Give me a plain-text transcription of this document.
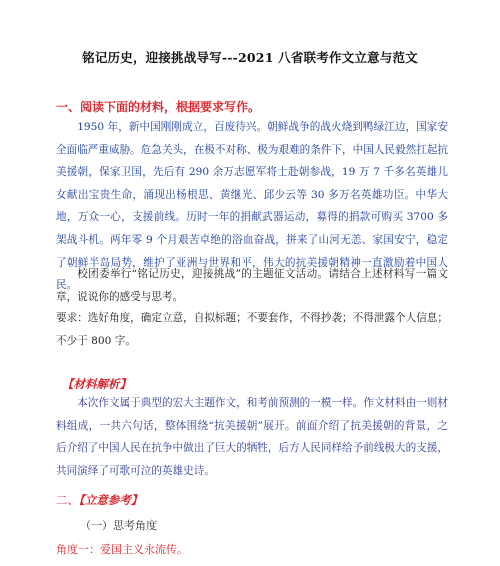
铭记历史，迎接挑战导写---2021 八省联考作文立意与范文
一、阅读下面的材料，根据要求写作。
1950 年，新中国刚刚成立，百废待兴。朝鲜战争的战火烧到鸭绿江边，国家安全面临严重威胁。危急关头，在极不对称、极为艰难的条件下，中国人民毅然扛起抗美援朝，保家卫国，先后有 290 余万志愿军将士赴朝参战，19 万 7 千多名英雄儿女献出宝贵生命，涌现出杨根思、黄继光、邱少云等 30 多万名英雄功臣。中华大地，万众一心，支援前线。历时一年的捐献武器运动，募得的捐款可购买 3700 多架战斗机。两年零 9 个月艰苦卓绝的浴血奋战，拼来了山河无恙、家国安宁，稳定了朝鲜半岛局势，维护了亚洲与世界和平，伟大的抗美援朝精神一直激励着中国人民。
校团委举行“铭记历史，迎接挑战”的主题征文活动。请结合上述材料写一篇文章，说说你的感受与思考。
要求：选好角度，确定立意，自拟标题；不要套作，不得抄袭；不得泄露个人信息；不少于 800 字。
【材料解析】
本次作文属于典型的宏大主题作文，和考前预测的一模一样。作文材料由一则材料组成，一共六句话，整体围绕“抗美援朝”展开。前面介绍了抗美援朝的背景，之后介绍了中国人民在抗争中做出了巨大的牺牲，后方人民同样给予前线极大的支援，共同演绎了可歌可泣的英雄史诗。
二、【立意参考】
（一）思考角度
角度一：爱国主义永流传。
